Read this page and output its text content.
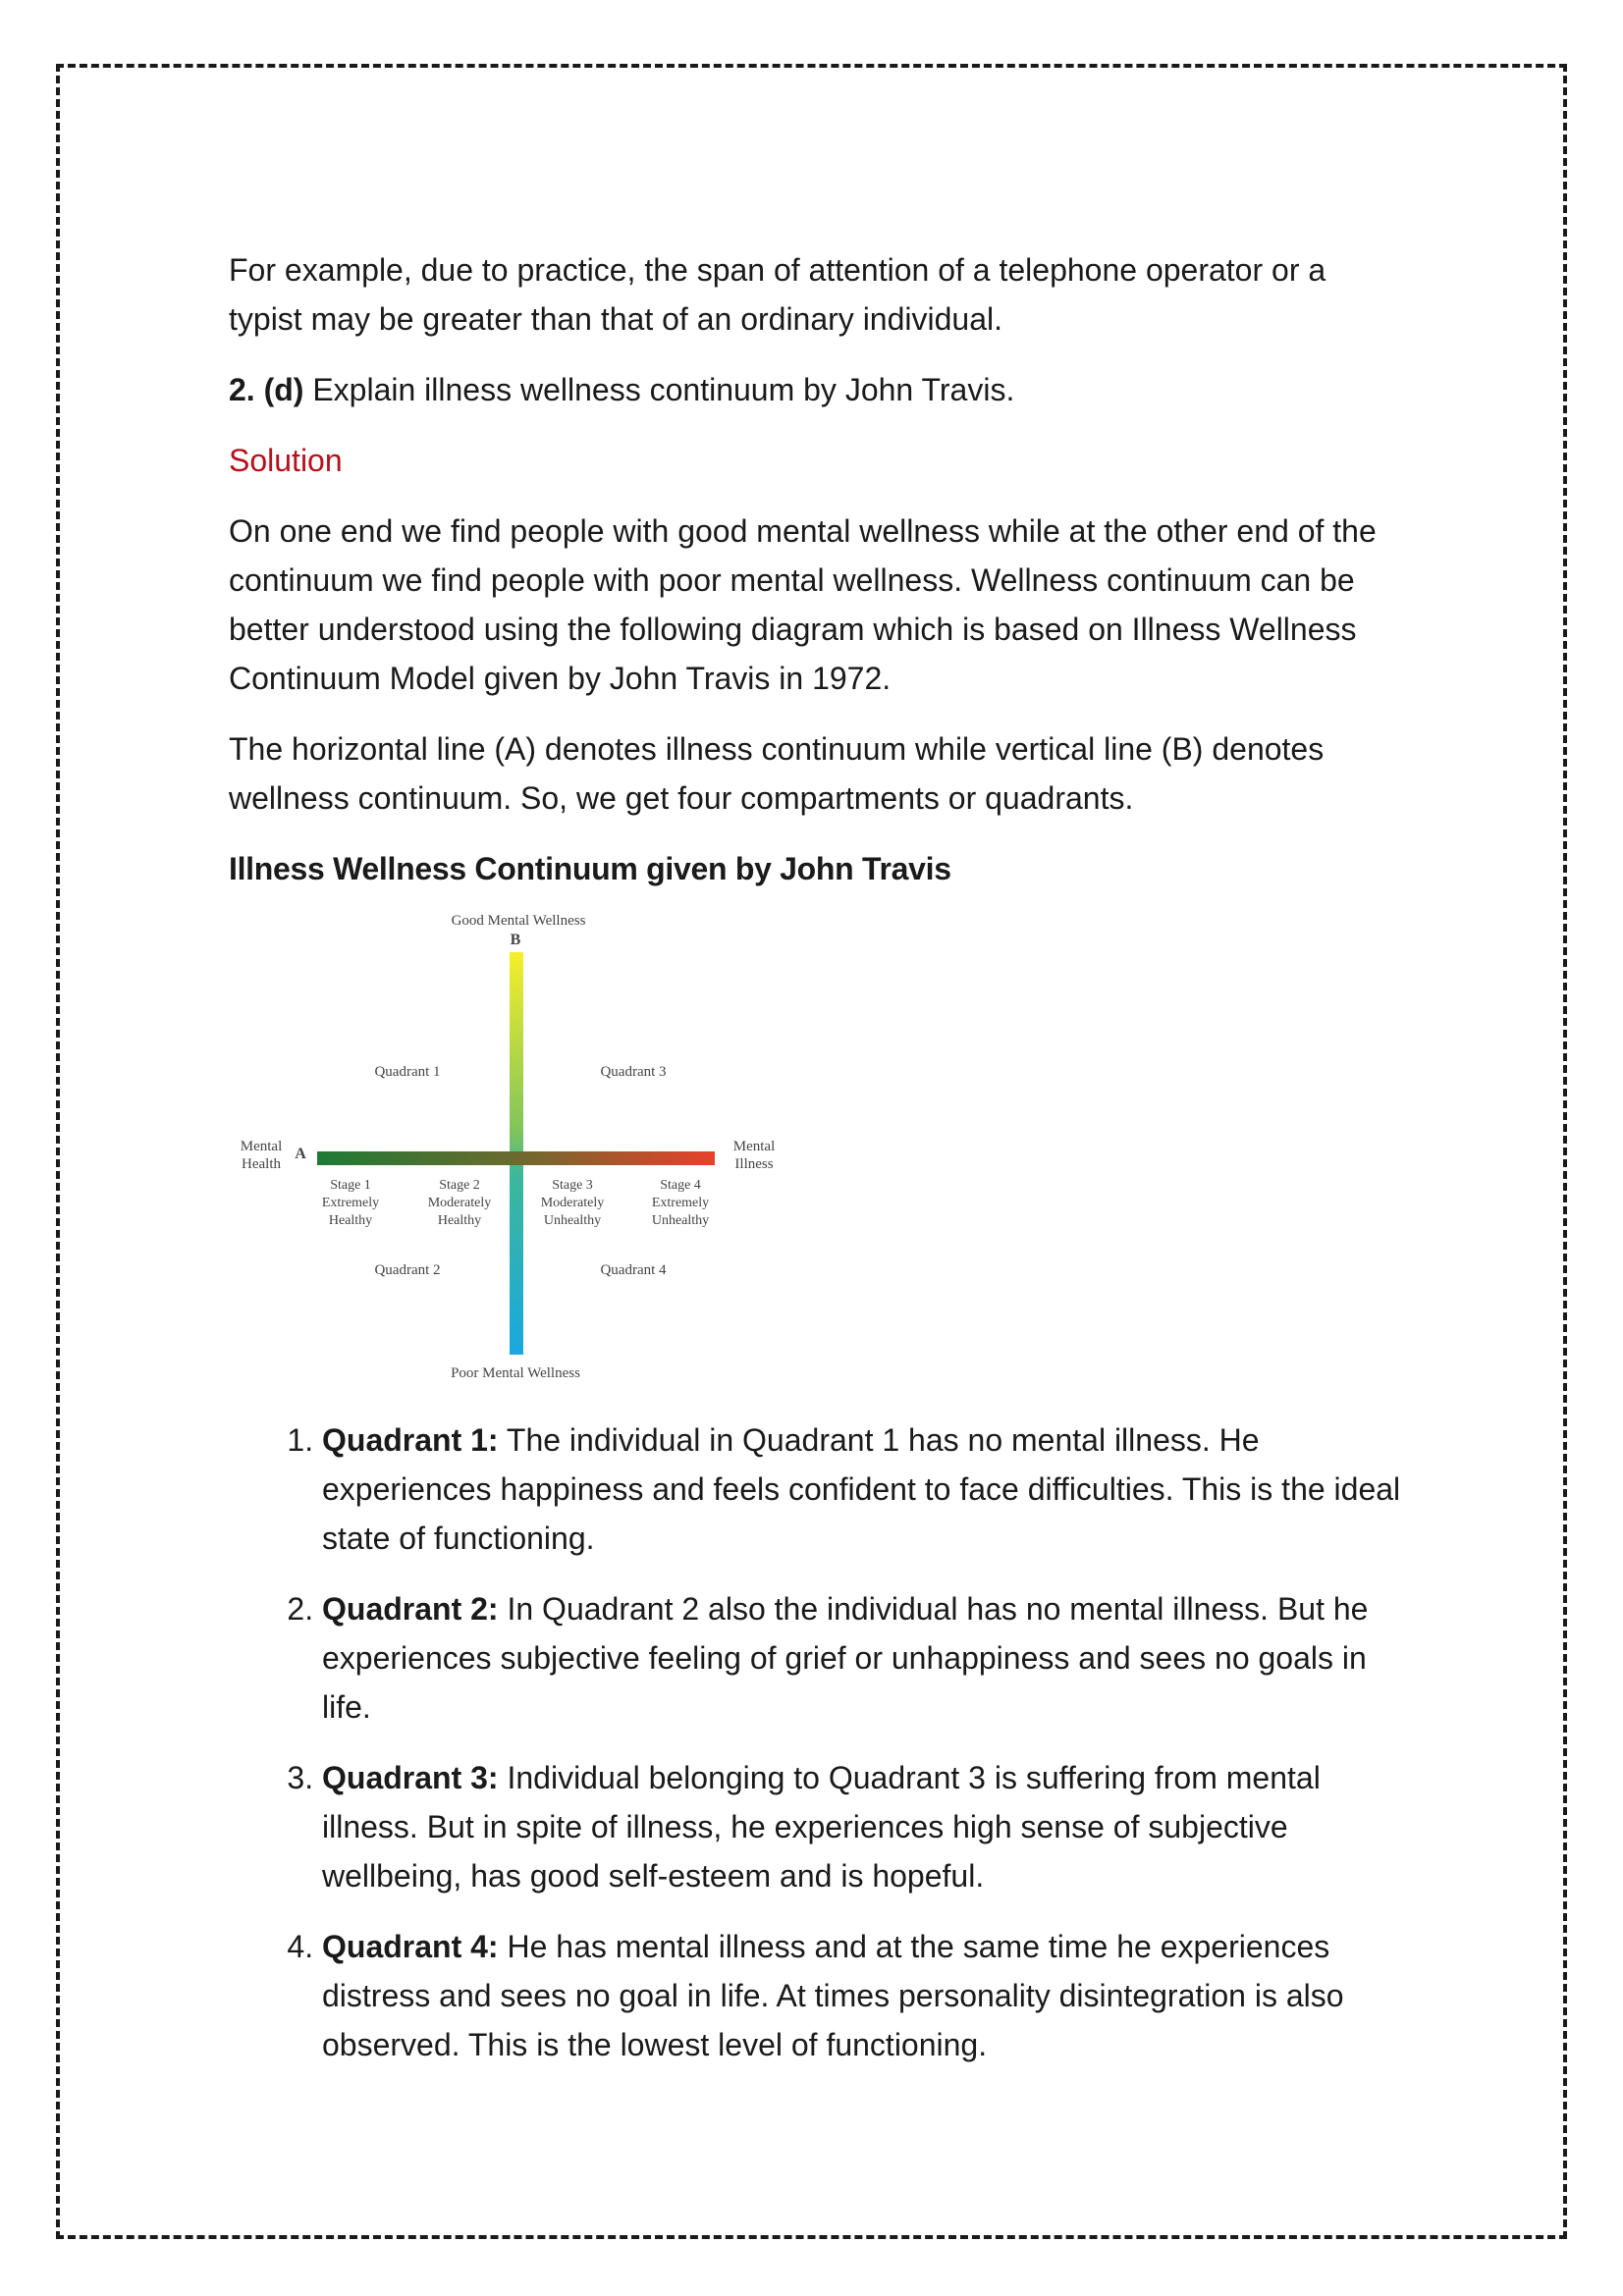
For example, due to practice, the span of attention of a telephone operator or a typist may be greater than that of an ordinary individual.

2. (d) Explain illness wellness continuum by John Travis.

Solution

On one end we find people with good mental wellness while at the other end of the continuum we find people with poor mental wellness. Wellness continuum can be better understood using the following diagram which is based on Illness Wellness Continuum Model given by John Travis in 1972.

The horizontal line (A) denotes illness continuum while vertical line (B) denotes wellness continuum. So, we get four compartments or quadrants.

Illness Wellness Continuum given by John Travis

Good Mental Wellness
B
Poor Mental Wellness
Mental
Health
A	Mental
Illness
Quadrant 1	Quadrant 3
Quadrant 2	Quadrant 4
Stage 1
Extremely
Healthy
Stage 2
Moderately
Healthy
Stage 3
Moderately
Unhealthy
Stage 4
Extremely
Unhealthy
1. Quadrant 1: The individual in Quadrant 1 has no mental illness. He experiences happiness and feels confident to face difficulties. This is the ideal state of functioning.
2. Quadrant 2: In Quadrant 2 also the individual has no mental illness. But he experiences subjective feeling of grief or unhappiness and sees no goals in life.
3. Quadrant 3: Individual belonging to Quadrant 3 is suffering from mental illness. But in spite of illness, he experiences high sense of subjective wellbeing, has good self-esteem and is hopeful.
4. Quadrant 4: He has mental illness and at the same time he experiences distress and sees no goal in life. At times personality disintegration is also observed. This is the lowest level of functioning.
